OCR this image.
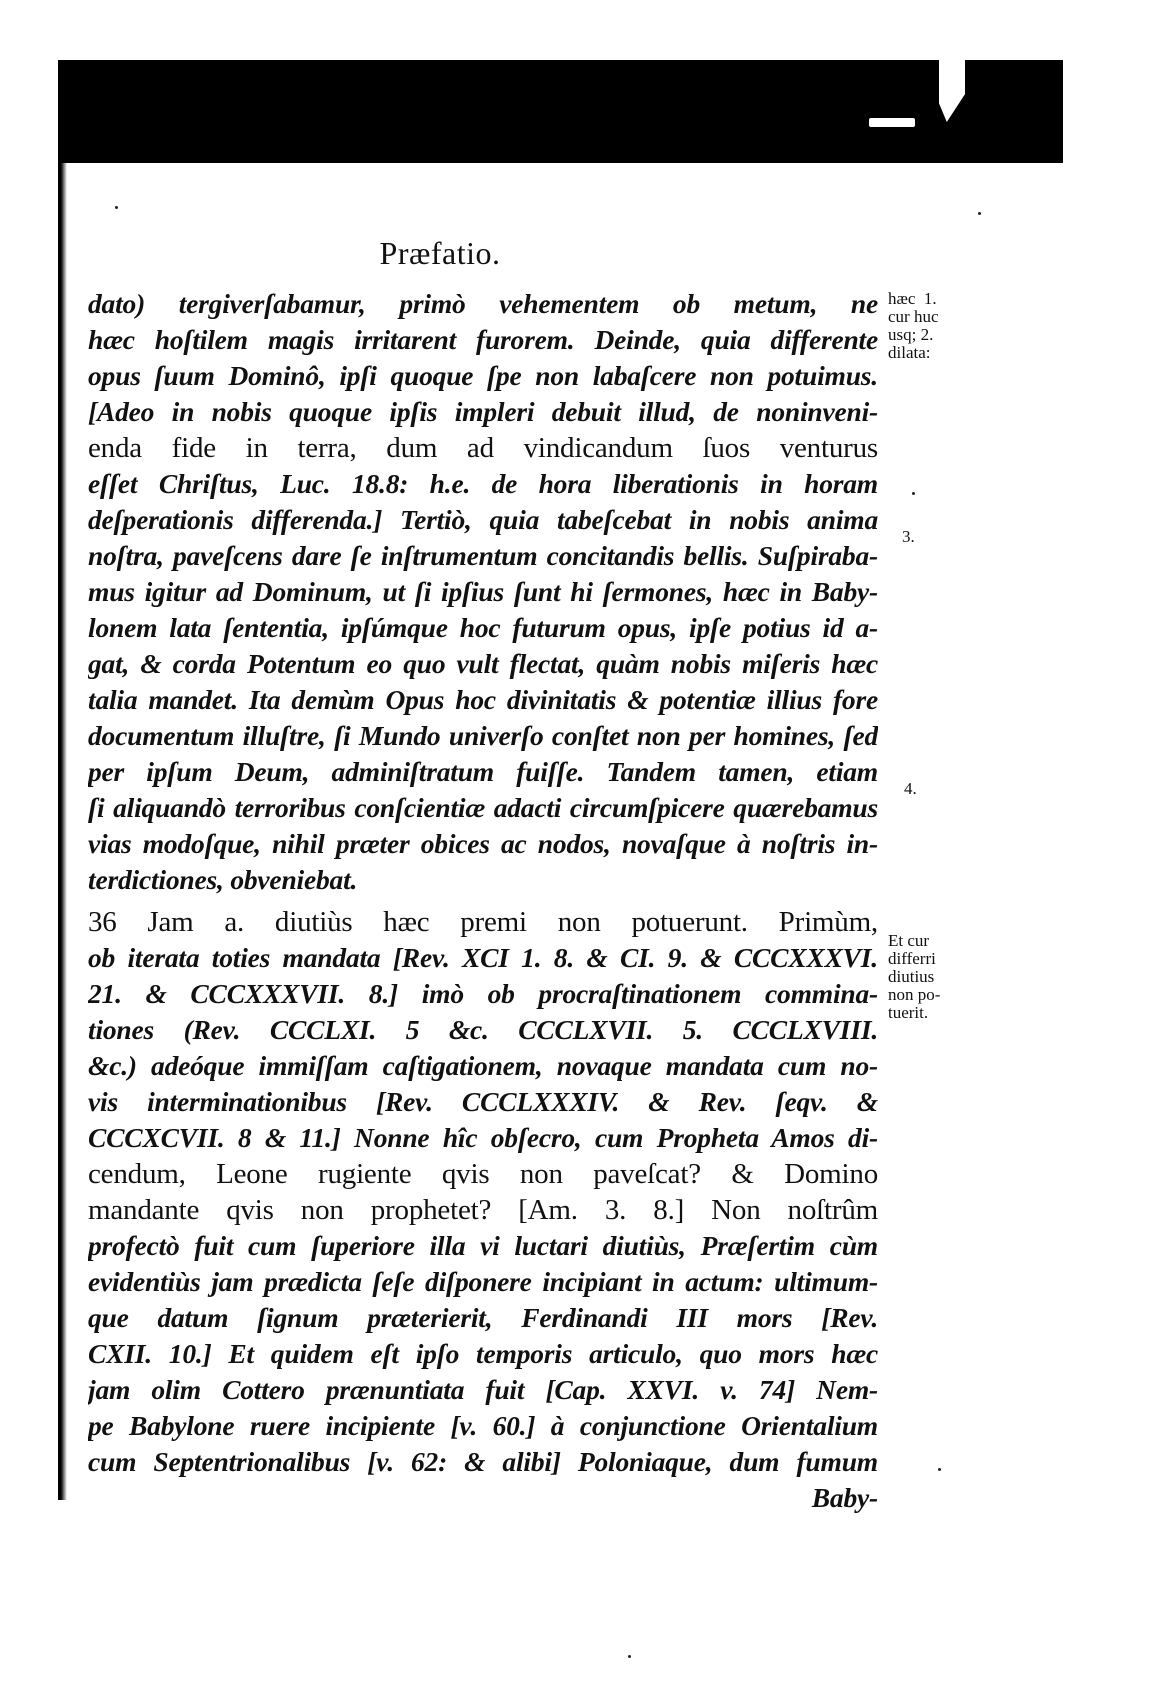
Præfatio.
dato) tergiverſabamur, primò vehementem ob metum, ne
hæc hoſtilem magis irritarent furorem. Deinde, quia differente
opus ſuum Dominô, ipſi quoque ſpe non labaſcere non potuimus.
[Adeo in nobis quoque ipſis impleri debuit illud, de noninveni-
enda fide in terra, dum ad vindicandum ſuos venturus
eſſet Chriſtus, Luc. 18.8: h.e. de hora liberationis in horam
deſperationis differenda.] Tertiò, quia tabeſcebat in nobis anima
noſtra, paveſcens dare ſe inſtrumentum concitandis bellis. Suſpiraba-
mus igitur ad Dominum, ut ſi ipſius ſunt hi ſermones, hæc in Baby-
lonem lata ſententia, ipſúmque hoc futurum opus, ipſe potius id a-
gat, & corda Potentum eo quo vult flectat, quàm nobis miſeris hæc
talia mandet. Ita demùm Opus hoc divinitatis & potentiæ illius fore
documentum illuſtre, ſi Mundo univerſo conſtet non per homines, ſed
per ipſum Deum, adminiſtratum fuiſſe. Tandem tamen, etiam
ſi aliquandò terroribus conſcientiæ adacti circumſpicere quærebamus
vias modoſque, nihil præter obices ac nodos, novaſque à noſtris in-
terdictiones, obveniebat.
36 Jam a. diutiùs hæc premi non potuerunt. Primùm,
ob iterata toties mandata [Rev. XCI 1. 8. & CI. 9. & CCCXXXVI.
21. & CCCXXXVII. 8.] imò ob procraſtinationem commina-
tiones (Rev. CCCLXI. 5 &c. CCCLXVII. 5. CCCLXVIII.
&c.) adeóque immiſſam caſtigationem, novaque mandata cum no-
vis interminationibus [Rev. CCCLXXXIV. & Rev. ſeqv. &
CCCXCVII. 8 & 11.] Nonne hîc obſecro, cum Propheta Amos di-
cendum, Leone rugiente qvis non paveſcat? & Domino
mandante qvis non prophetet? [Am. 3. 8.] Non noſtrûm
profectò fuit cum ſuperiore illa vi luctari diutiùs, Præſertim cùm
evidentiùs jam prædicta ſeſe diſponere incipiant in actum: ultimum-
que datum ſignum præterierit, Ferdinandi III mors [Rev.
CXII. 10.] Et quidem eſt ipſo temporis articulo, quo mors hæc
jam olim Cottero prænuntiata fuit [Cap. XXVI. v. 74] Nem-
pe Babylone ruere incipiente [v. 60.] à conjunctione Orientalium
cum Septentrionalibus [v. 62: & alibi] Poloniaque, dum fumum
Baby-
hæc  1.
cur huc
usq; 2.
dilata:
3.
4.
Et cur
differri
diutius
non po-
tuerit.
